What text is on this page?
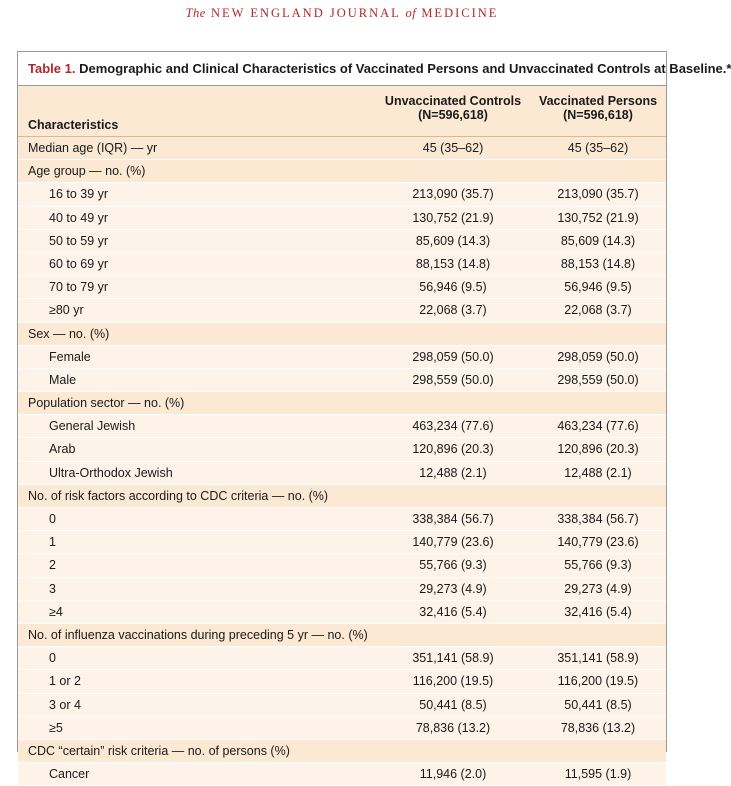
The NEW ENGLAND JOURNAL of MEDICINE
Table 1. Demographic and Clinical Characteristics of Vaccinated Persons and Unvaccinated Controls at Baseline.*
Characteristics
Unvaccinated Controls
(N=596,618)
Vaccinated Persons
(N=596,618)
Median age (IQR) — yr	45 (35–62)	45 (35–62)
Age group — no. (%)
16 to 39 yr	213,090 (35.7)	213,090 (35.7)
40 to 49 yr	130,752 (21.9)	130,752 (21.9)
50 to 59 yr	85,609 (14.3)	85,609 (14.3)
60 to 69 yr	88,153 (14.8)	88,153 (14.8)
70 to 79 yr	56,946 (9.5)	56,946 (9.5)
≥80 yr	22,068 (3.7)	22,068 (3.7)
Sex — no. (%)
Female	298,059 (50.0)	298,059 (50.0)
Male	298,559 (50.0)	298,559 (50.0)
Population sector — no. (%)
General Jewish	463,234 (77.6)	463,234 (77.6)
Arab	120,896 (20.3)	120,896 (20.3)
Ultra-Orthodox Jewish	12,488 (2.1)	12,488 (2.1)
No. of risk factors according to CDC criteria — no. (%)
0	338,384 (56.7)	338,384 (56.7)
1	140,779 (23.6)	140,779 (23.6)
2	55,766 (9.3)	55,766 (9.3)
3	29,273 (4.9)	29,273 (4.9)
≥4	32,416 (5.4)	32,416 (5.4)
No. of influenza vaccinations during preceding 5 yr — no. (%)
0	351,141 (58.9)	351,141 (58.9)
1 or 2	116,200 (19.5)	116,200 (19.5)
3 or 4	50,441 (8.5)	50,441 (8.5)
≥5	78,836 (13.2)	78,836 (13.2)
CDC “certain” risk criteria — no. of persons (%)
Cancer	11,946 (2.0)	11,595 (1.9)
